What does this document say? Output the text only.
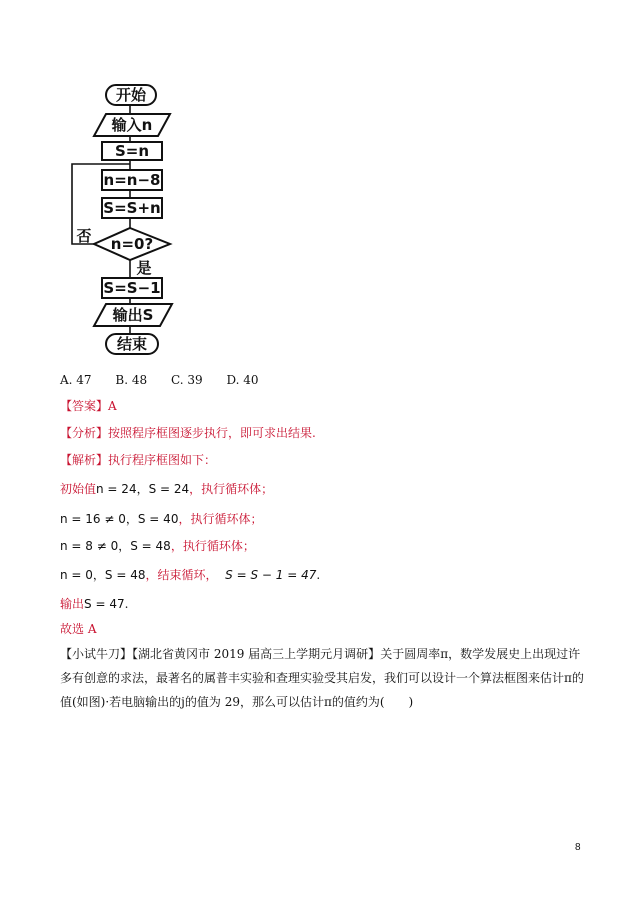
开始
输入n
S=n
n=n−8
S=S+n
n=0?
否
是
S=S−1
输出S
结束
A. 47 B. 48 C. 39 D. 40
【答案】A
【分析】按照程序框图逐步执行，即可求出结果.
【解析】执行程序框图如下：
初始值n = 24，S = 24，执行循环体；
n = 16 ≠ 0，S = 40，执行循环体；
n = 8 ≠ 0，S = 48，执行循环体；
n = 0，S = 48，结束循环， S = S − 1 = 47.
输出S = 47.
故选 A
【小试牛刀】【湖北省黄冈市 2019 届高三上学期元月调研】关于圆周率π，数学发展史上出现过许多有创意的求法，最著名的属普丰实验和查理实验受其启发，我们可以设计一个算法框图来估计π的值(如图)·若电脑输出的j的值为 29，那么可以估计π的值约为(　　)
8
